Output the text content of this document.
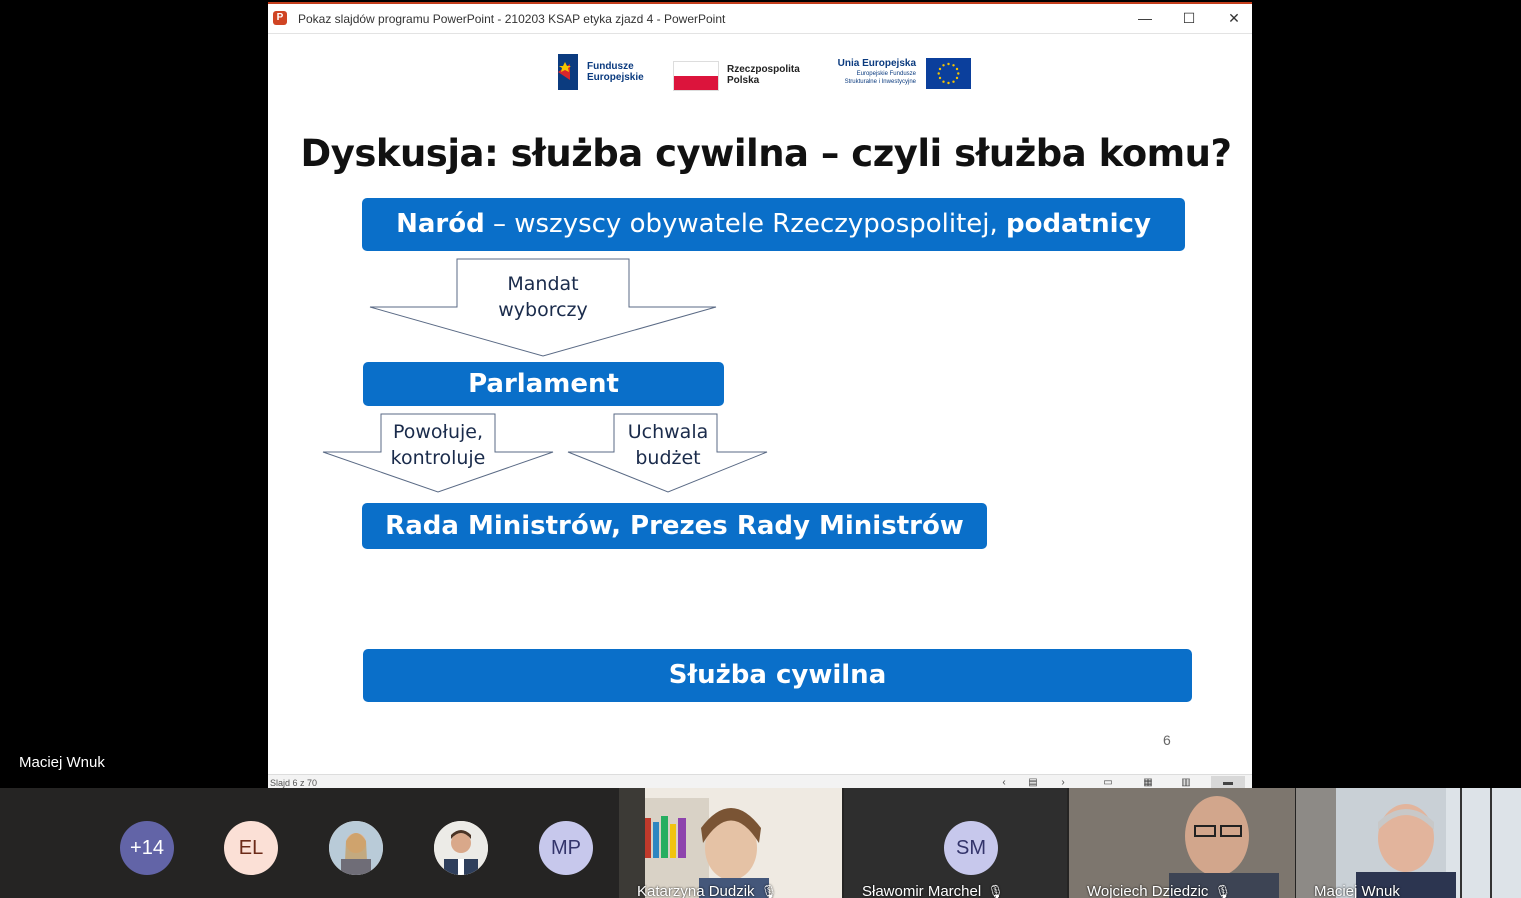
Maciej Wnuk
P	Pokaz slajdów programu PowerPoint - 210203 KSAP etyka zjazd 4 - PowerPoint	—	☐	✕
Fundusze
Europejskie
Rzeczpospolita
Polska
Unia Europejska
Europejskie Fundusze
Strukturalne i Inwestycyjne
Dyskusja: służba cywilna – czyli służba komu?
Naród – wszyscy obywatele Rzeczypospolitej, podatnicy
Mandat
wyborczy
Parlament
Powołuje,
kontroluje
Uchwala
budżet
Rada Ministrów, Prezes Rady Ministrów
Służba cywilna
6
Slajd 6 z 70	‹	▤	›	▭	▦	▥	▬
+14	EL	MP
Katarzyna Dudzik 🎙
SM
Sławomir Marchel 🎙	Wojciech Dziedzic 🎙	Maciej Wnuk
